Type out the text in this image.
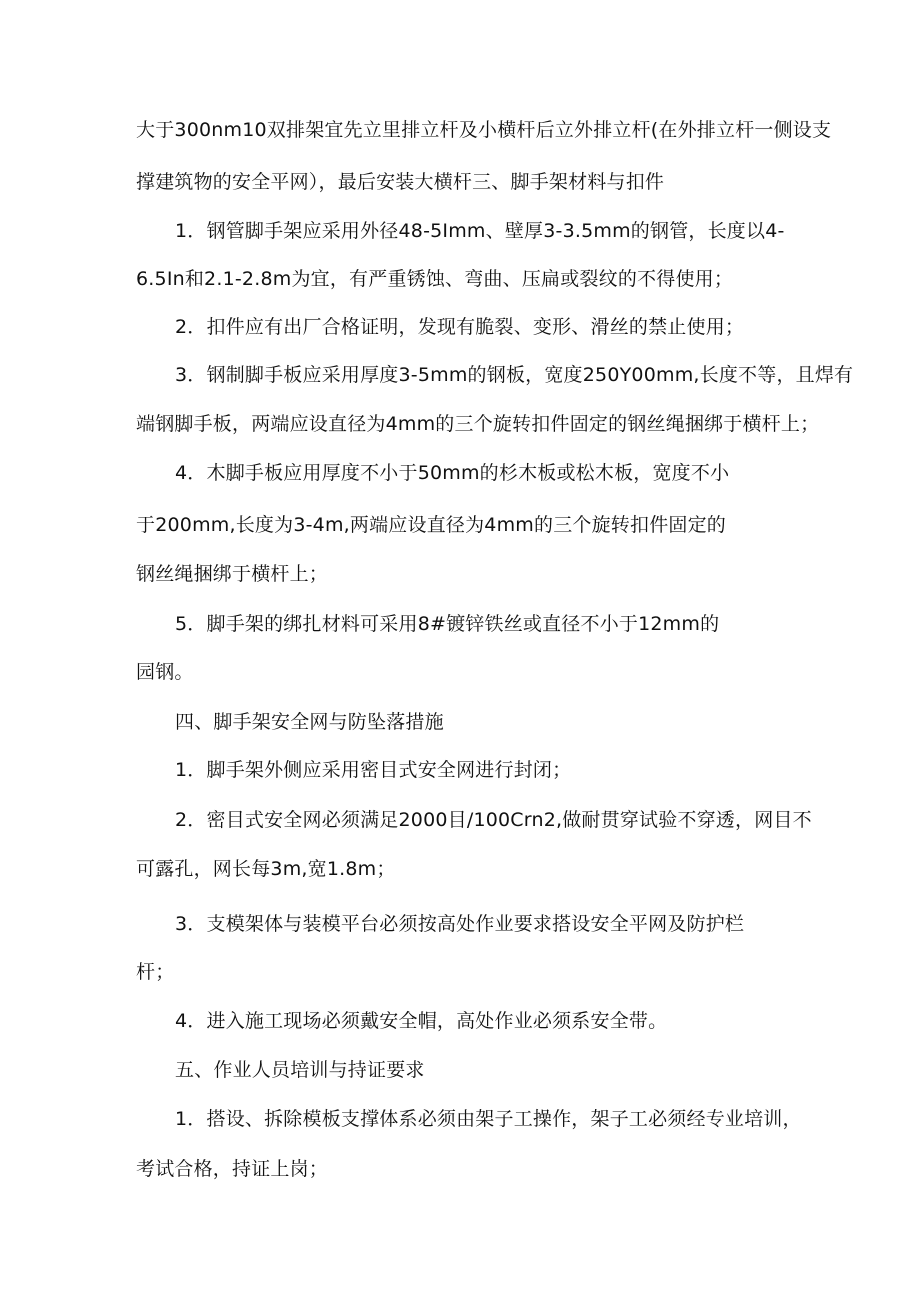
大于300nm10双排架宜先立里排立杆及小横杆后立外排立杆(在外排立杆一侧设支

撑建筑物的安全平网），最后安装大横杆三、脚手架材料与扣件

1．钢管脚手架应采用外径48-5Imm、壁厚3-3.5mm的钢管，长度以4-

6.5In和2.1-2.8m为宜，有严重锈蚀、弯曲、压扁或裂纹的不得使用；

2．扣件应有出厂合格证明，发现有脆裂、变形、滑丝的禁止使用；

3．钢制脚手板应采用厚度3-5mm的钢板，宽度250Y00mm,长度不等，且焊有

端钢脚手板，两端应设直径为4mm的三个旋转扣件固定的钢丝绳捆绑于横杆上；

4．木脚手板应用厚度不小于50mm的杉木板或松木板，宽度不小

于200mm,长度为3-4m,两端应设直径为4mm的三个旋转扣件固定的

钢丝绳捆绑于横杆上；

5．脚手架的绑扎材料可采用8#镀锌铁丝或直径不小于12mm的

园钢。

四、脚手架安全网与防坠落措施

1．脚手架外侧应采用密目式安全网进行封闭；

2．密目式安全网必须满足2000目/100Crn2,做耐贯穿试验不穿透，网目不

可露孔，网长每3m,宽1.8m；

3．支模架体与装模平台必须按高处作业要求搭设安全平网及防护栏

杆；

4．进入施工现场必须戴安全帽，高处作业必须系安全带。

五、作业人员培训与持证要求

1．搭设、拆除模板支撑体系必须由架子工操作，架子工必须经专业培训，

考试合格，持证上岗；
